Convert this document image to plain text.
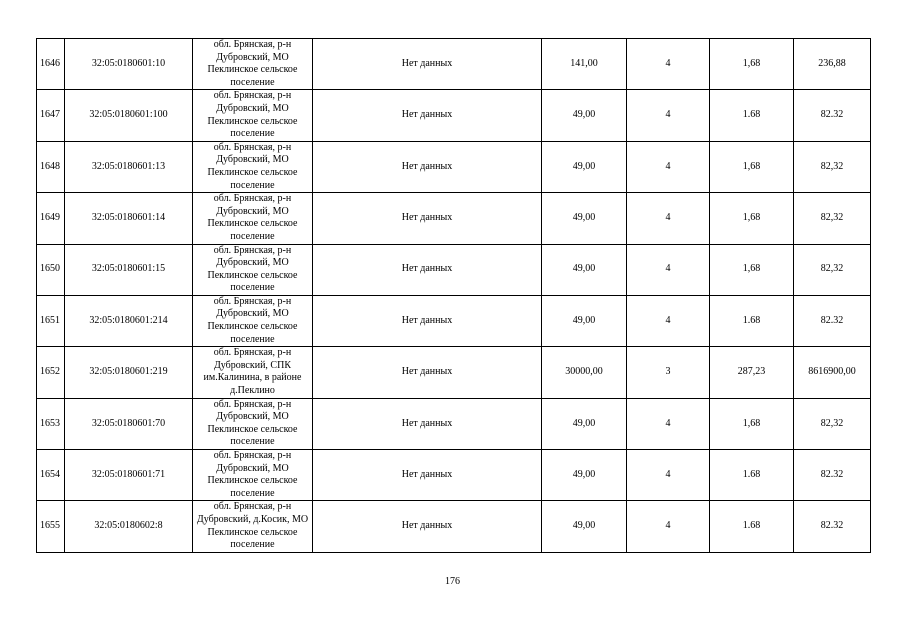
1646	32:05:0180601:10	обл. Брянская, р-н Дубровский, МО Пеклинское сельское поселение	Нет данных	141,00	4	1,68	236,88
1647	32:05:0180601:100	обл. Брянская, р-н Дубровский, МО Пеклинское сельское поселение	Нет данных	49,00	4	1.68	82.32
1648	32:05:0180601:13	обл. Брянская, р-н Дубровский, МО Пеклинское сельское поселение	Нет данных	49,00	4	1,68	82,32
1649	32:05:0180601:14	обл. Брянская, р-н Дубровский, МО Пеклинское сельское поселение	Нет данных	49,00	4	1,68	82,32
1650	32:05:0180601:15	обл. Брянская, р-н Дубровский, МО Пеклинское сельское поселение	Нет данных	49,00	4	1,68	82,32
1651	32:05:0180601:214	обл. Брянская, р-н Дубровский, МО Пеклинское сельское поселение	Нет данных	49,00	4	1.68	82.32
1652	32:05:0180601:219	обл. Брянская, р-н Дубровский, СПК им.Калинина, в районе д.Пеклино	Нет данных	30000,00	3	287,23	8616900,00
1653	32:05:0180601:70	обл. Брянская, р-н Дубровский, МО Пеклинское сельское поселение	Нет данных	49,00	4	1,68	82,32
1654	32:05:0180601:71	обл. Брянская, р-н Дубровский, МО Пеклинское сельское поселение	Нет данных	49,00	4	1.68	82.32
1655	32:05:0180602:8	обл. Брянская, р-н Дубровский, д.Косик, МО Пеклинское сельское поселение	Нет данных	49,00	4	1.68	82.32
176
